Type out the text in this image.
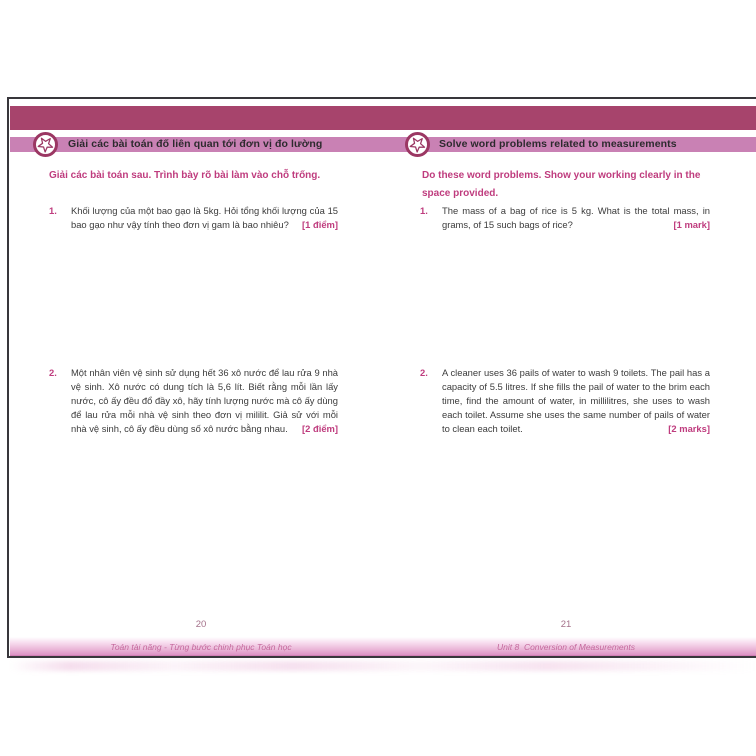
Giải các bài toán đố liên quan tới đơn vị đo lường	Solve word problems related to measurements
Giải các bài toán sau. Trình bày rõ bài làm vào chỗ trống.	Do these word problems. Show your working clearly in the space provided.
1. Khối lượng của một bao gạo là 5kg. Hỏi tổng khối lượng của 15 bao gạo như vậy tính theo đơn vị gam là bao nhiêu?	[1 điểm]
2. Một nhân viên vệ sinh sử dụng hết 36 xô nước để lau rửa 9 nhà vệ sinh. Xô nước có dung tích là 5,6 lít. Biết rằng mỗi lần lấy nước, cô ấy đều đổ đầy xô, hãy tính lượng nước mà cô ấy dùng để lau rửa mỗi nhà vệ sinh theo đơn vị mililit. Giả sử với mỗi nhà vệ sinh, cô ấy đều dùng số xô nước bằng nhau.	[2 điểm]
1. The mass of a bag of rice is 5 kg. What is the total mass, in grams, of 15 such bags of rice?	[1 mark]
2. A cleaner uses 36 pails of water to wash 9 toilets. The pail has a capacity of 5.5 litres. If she fills the pail of water to the brim each time, find the amount of water, in millilitres, she uses to wash each toilet. Assume she uses the same number of pails of water to clean each toilet.	[2 marks]
20	21
Toán tài năng - Từng bước chinh phục Toán học	Unit 8  Conversion of Measurements
